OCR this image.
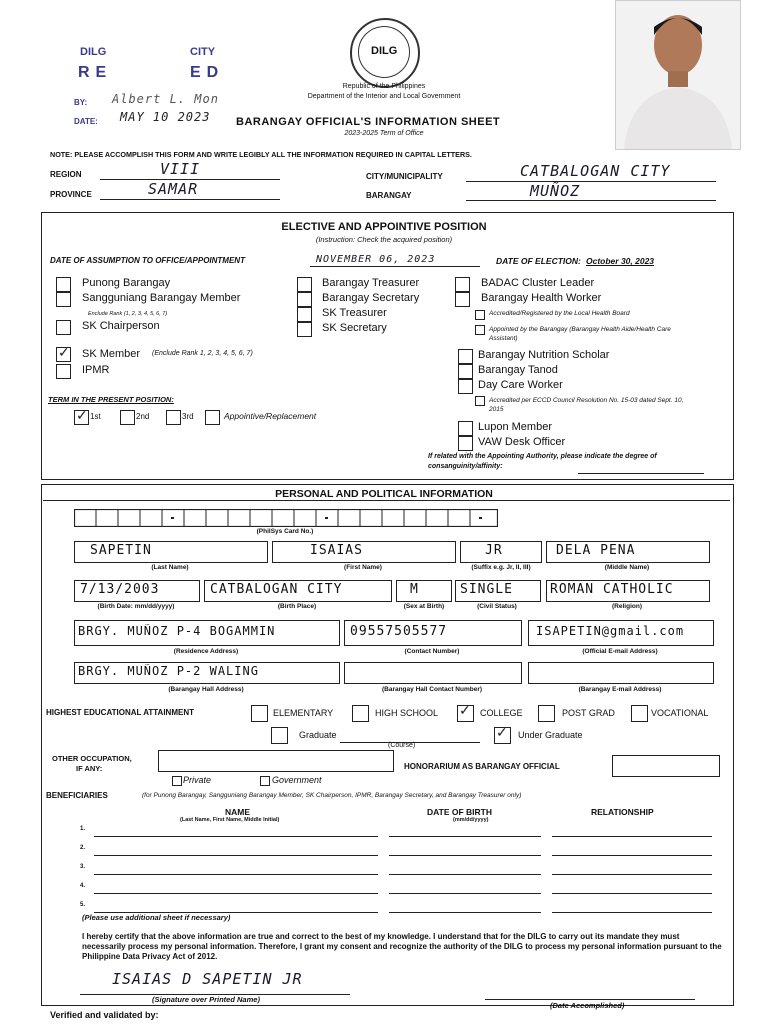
DILG	CITY
RE	ED
BY: Albert L. Mon
DATE: MAY 10 2023
DILG
Republic of the Philippines
Department of the Interior and Local Government
BARANGAY OFFICIAL'S INFORMATION SHEET
2023-2025 Term of Office
NOTE: PLEASE ACCOMPLISH THIS FORM AND WRITE LEGIBLY ALL THE INFORMATION REQUIRED IN CAPITAL LETTERS.
REGION	VIII
PROVINCE	SAMAR
CITY/MUNICIPALITY	CATBALOGAN CITY
BARANGAY	MUÑOZ
ELECTIVE AND APPOINTIVE POSITION
(Instruction: Check the acquired position)
DATE OF ASSUMPTION TO OFFICE/APPOINTMENT	NOVEMBER 06, 2023	DATE OF ELECTION: October 30, 2023
Punong Barangay
Sangguniang Barangay Member
Enclude Rank (1, 2, 3, 4, 5, 6, 7)
SK Chairperson
✓
SK Member (Enclude Rank 1, 2, 3, 4, 5, 6, 7)
IPMR
Barangay Treasurer
Barangay Secretary
SK Treasurer
SK Secretary
BADAC Cluster Leader
Barangay Health Worker
Accredited/Registered by the Local Health Board
Appointed by the Barangay (Barangay Health Aide/Health Care Assistant)
Barangay Nutrition Scholar
Barangay Tanod
Day Care Worker
Accredited per ECCD Council Resolution No. 15-03 dated Sept. 10, 2015
Lupon Member
VAW Desk Officer
TERM IN THE PRESENT POSITION:
✓
1st	2nd	3rd	Appointive/Replacement
If related with the Appointing Authority, please indicate the degree of consanguinity/affinity:
PERSONAL AND POLITICAL INFORMATION
(PhilSys Card No.)
SAPETIN
(Last Name)
ISAIAS
(First Name)
JR
(Suffix e.g. Jr, II, III)
DELA PENA
(Middle Name)
7/13/2003
(Birth Date: mm/dd/yyyy)
CATBALOGAN CITY
(Birth Place)
M
(Sex at Birth)
SINGLE
(Civil Status)
ROMAN CATHOLIC
(Religion)
BRGY. MUÑOZ P-4 BOGAMMIN
(Residence Address)
09557505577
(Contact Number)
ISAPETIN@gmail.com
(Official E-mail Address)
BRGY. MUÑOZ P-2 WALING
(Barangay Hall Address)	(Barangay Hall Contact Number)	(Barangay E-mail Address)
HIGHEST EDUCATIONAL ATTAINMENT	ELEMENTARY	HIGH SCHOOL
✓	COLLEGE	POST GRAD	VOCATIONAL
Graduate
(Course)
✓
Under Graduate
OTHER OCCUPATION,
IF ANY:
Private	Government
HONORARIUM AS BARANGAY OFFICIAL
BENEFICIARIES	(for Punong Barangay, Sangguniang Barangay Member, SK Chairperson, IPMR, Barangay Secretary, and Barangay Treasurer only)
NAME
(Last Name, First Name, Middle Initial)
DATE OF BIRTH
(mm/dd/yyyy)
RELATIONSHIP
1.
2.
3.
4.
5.
(Please use additional sheet if necessary)
I hereby certify that the above information are true and correct to the best of my knowledge. I understand that for the DILG to carry out its mandate they must necessarily process my personal information. Therefore, I grant my consent and recognize the authority of the DILG to process my personal information pursuant to the Philippine Data Privacy Act of 2012.
ISAIAS D SAPETIN JR
(Signature over Printed Name)
(Date Accomplished)
Verified and validated by:
